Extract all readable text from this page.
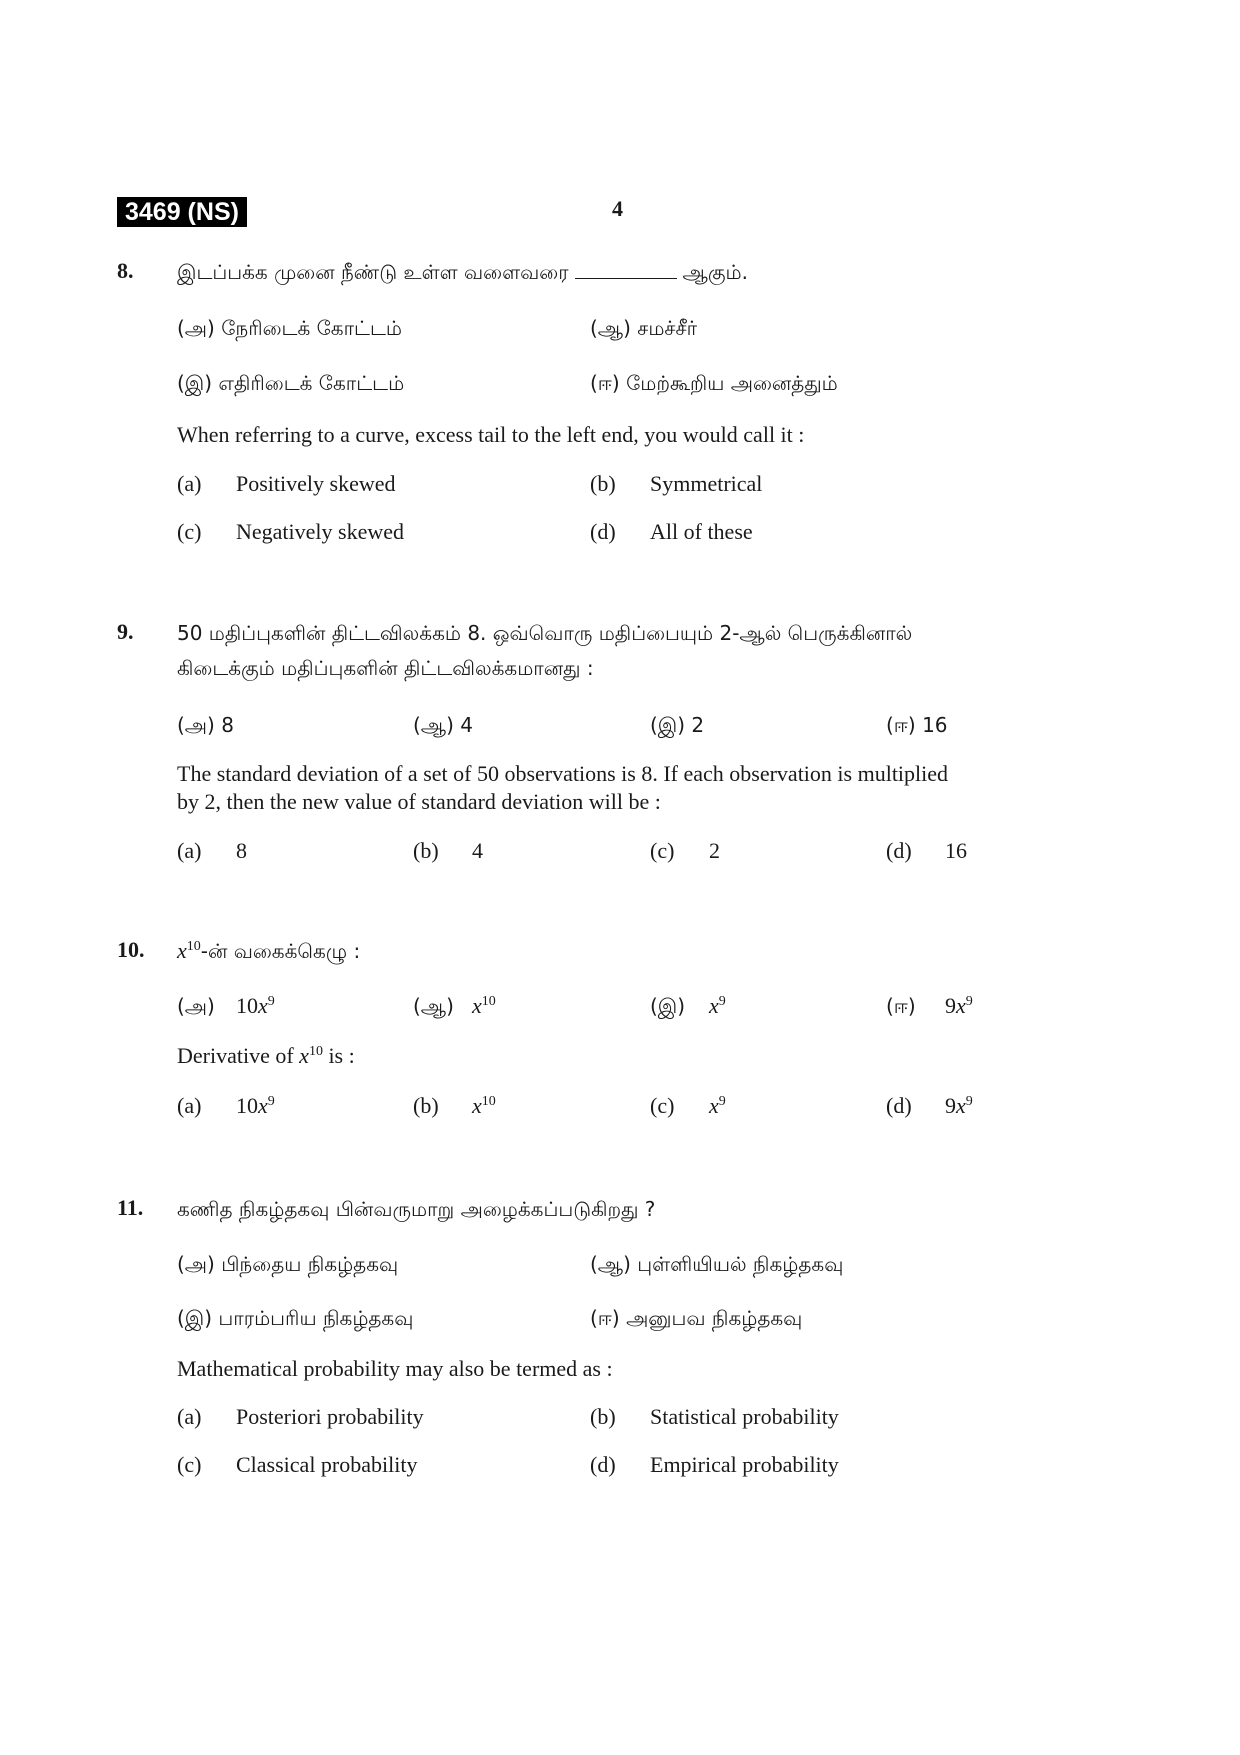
3469 (NS)	4
8. இடப்பக்க முனை நீண்டு உள்ள வளைவரை	ஆகும்.
(அ) நேரிடைக் கோட்டம்	(ஆ) சமச்சீர்
(இ) எதிரிடைக் கோட்டம்	(ஈ) மேற்கூறிய அனைத்தும்
When referring to a curve, excess tail to the left end, you would call it :
(a) Positively skewed	(b) Symmetrical
(c) Negatively skewed	(d) All of these
9. 50 மதிப்புகளின் திட்டவிலக்கம் 8. ஒவ்வொரு மதிப்பையும் 2-ஆல் பெருக்கினால்
கிடைக்கும் மதிப்புகளின் திட்டவிலக்கமானது :
(அ) 8	(ஆ) 4	(இ) 2	(ஈ) 16
The standard deviation of a set of 50 observations is 8. If each observation is multiplied
by 2, then the new value of standard deviation will be :
(a) 8	(b) 4	(c) 2	(d) 16
10. $x^{10}-ன்$ வகைக்கெழு :
(அ) $10x^9$	(ஆ) $x^{10}$	(இ) $x^9$	(ஈ) $9x^9$
Derivative of $x^{10}$ is :
(a) $10x^9$	(b) $x^{10}$	(c) $x^9$	(d) $9x^9$
11. கணித நிகழ்தகவு பின்வருமாறு அழைக்கப்படுகிறது ?
(அ) பிந்தைய நிகழ்தகவு	(ஆ) புள்ளியியல் நிகழ்தகவு
(இ) பாரம்பரிய நிகழ்தகவு	(ஈ) அனுபவ நிகழ்தகவு
Mathematical probability may also be termed as :
(a) Posteriori probability	(b) Statistical probability
(c) Classical probability	(d) Empirical probability
